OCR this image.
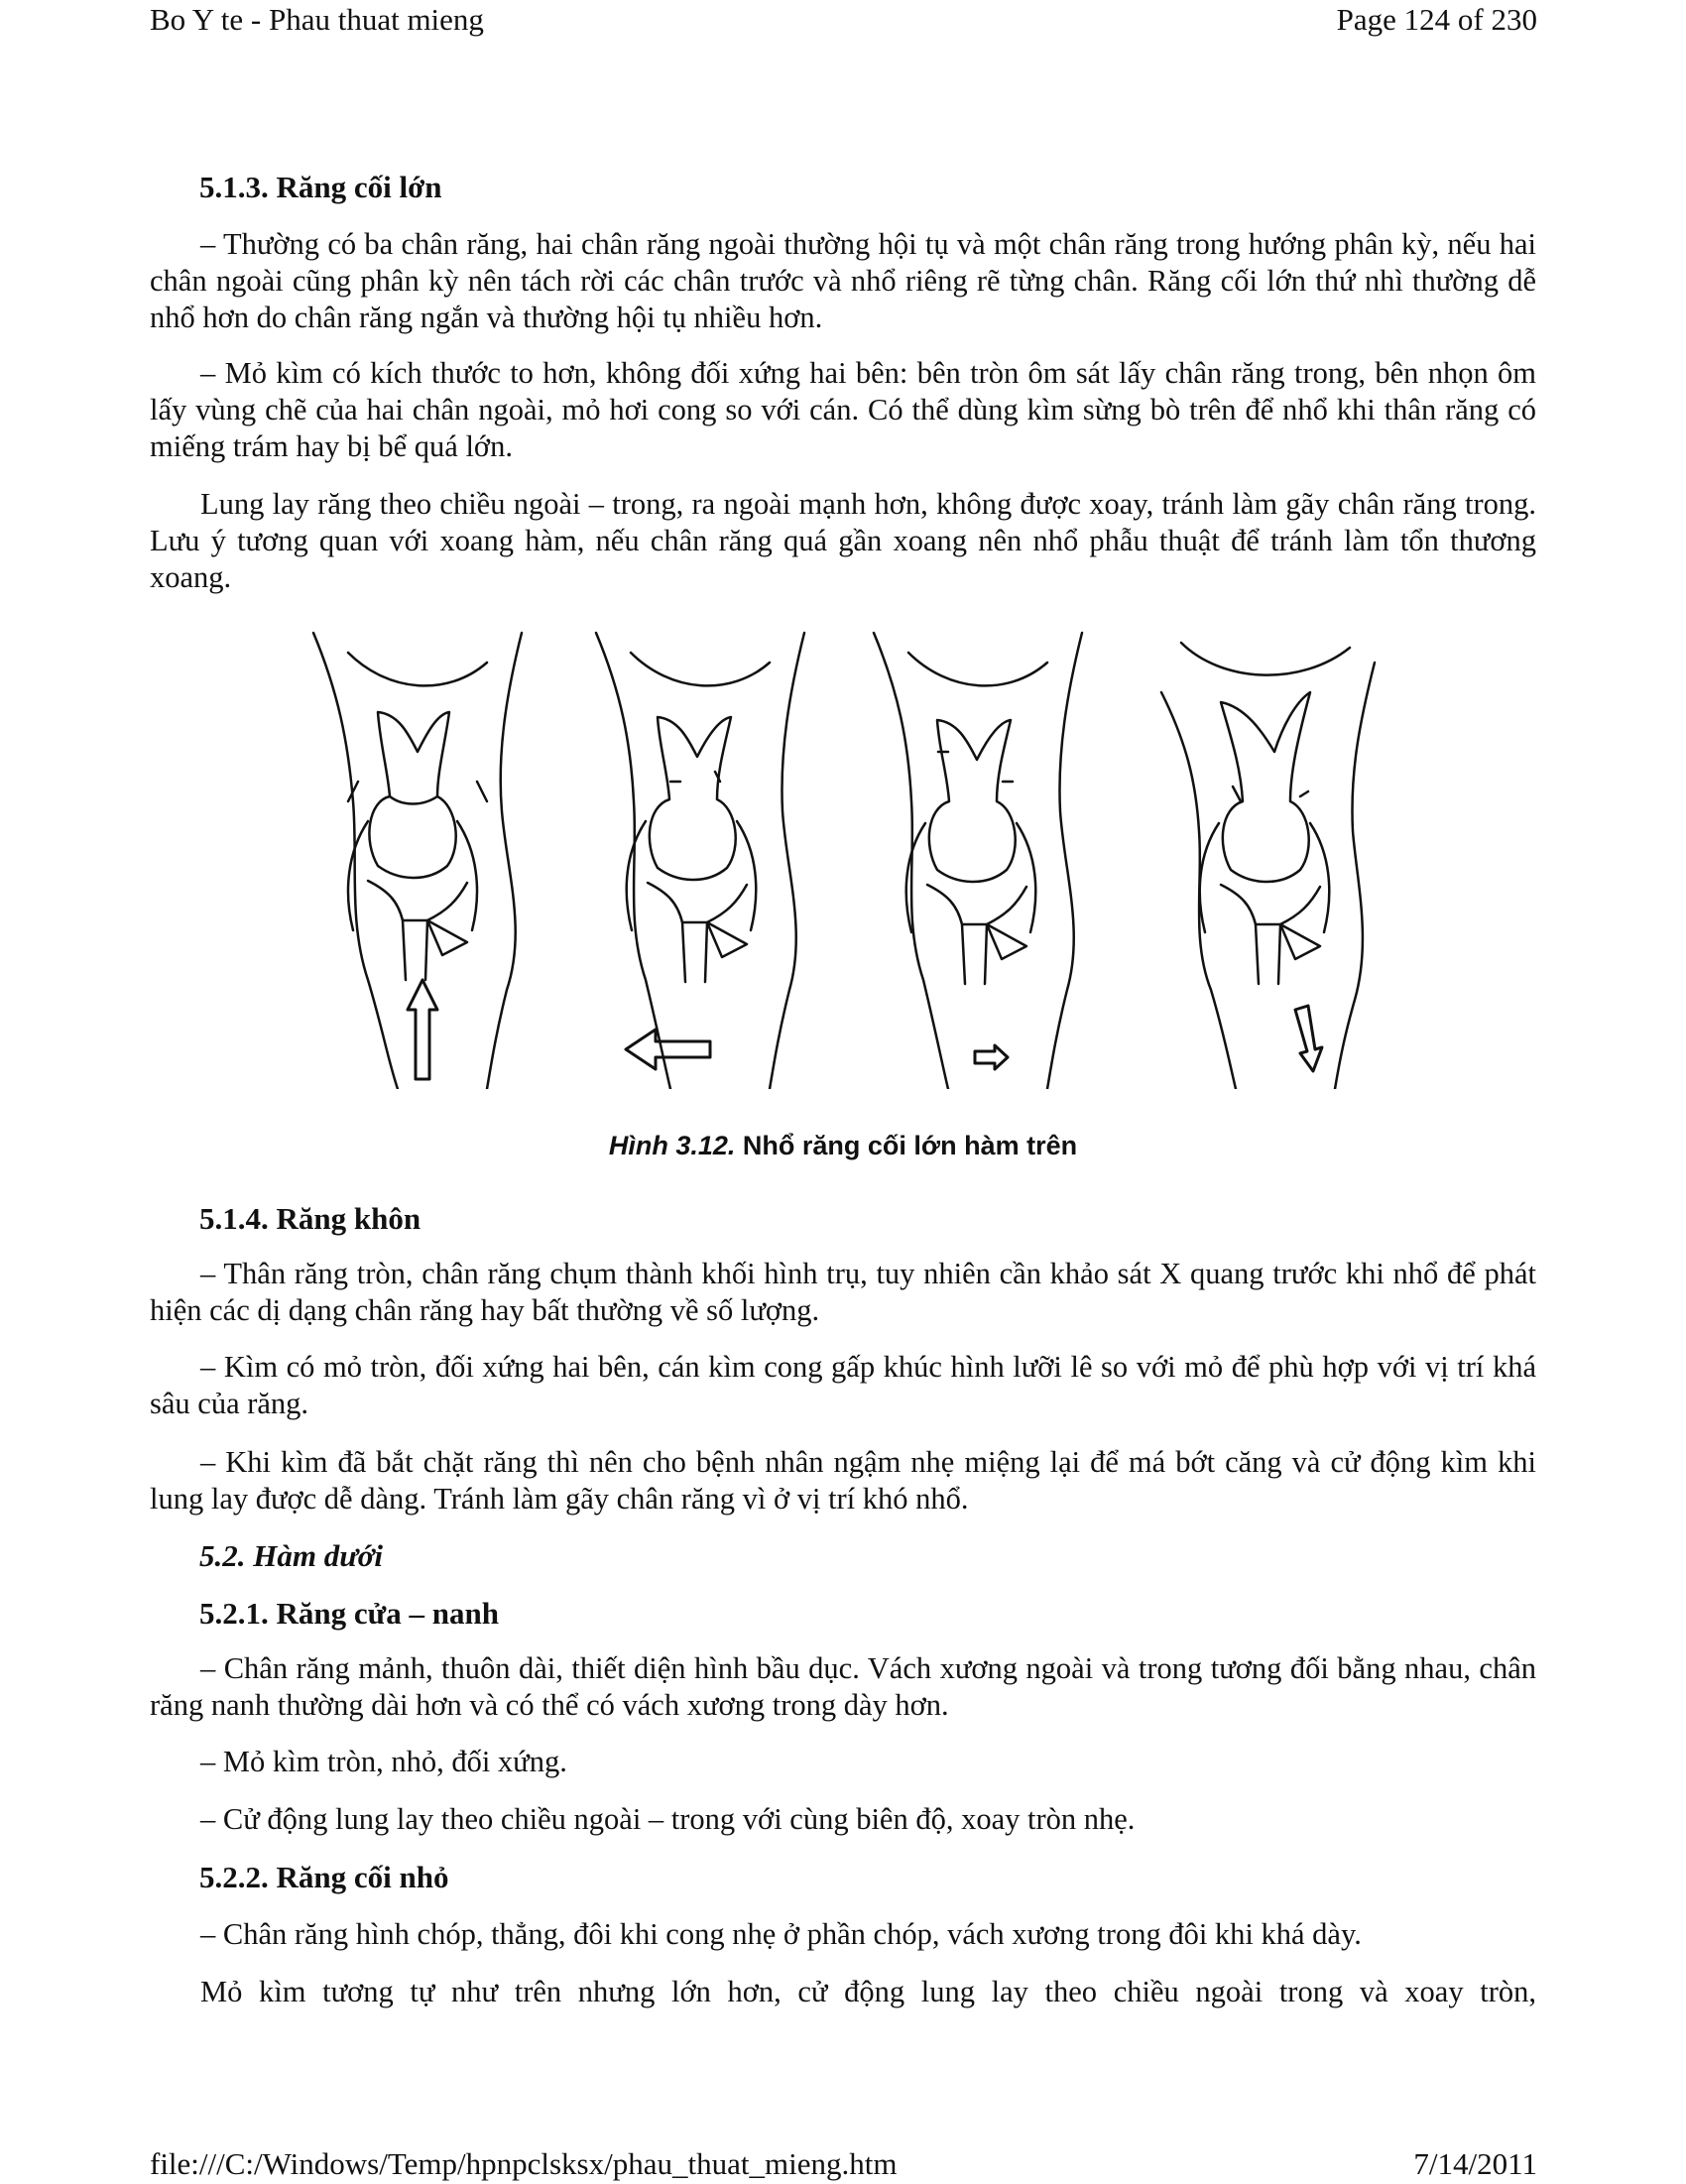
Bo Y te - Phau thuat mieng	Page 124 of 230
5.1.3. Răng cối lớn

– Thường có ba chân răng, hai chân răng ngoài thường hội tụ và một chân răng trong hướng phân kỳ, nếu hai chân ngoài cũng phân kỳ nên tách rời các chân trước và nhổ riêng rẽ từng chân. Răng cối lớn thứ nhì thường dễ nhổ hơn do chân răng ngắn và thường hội tụ nhiều hơn.

– Mỏ kìm có kích thước to hơn, không đối xứng hai bên: bên tròn ôm sát lấy chân răng trong, bên nhọn ôm lấy vùng chẽ của hai chân ngoài, mỏ hơi cong so với cán. Có thể dùng kìm sừng bò trên để nhổ khi thân răng có miếng trám hay bị bể quá lớn.

Lung lay răng theo chiều ngoài – trong, ra ngoài mạnh hơn, không được xoay, tránh làm gãy chân răng trong. Lưu ý tương quan với xoang hàm, nếu chân răng quá gần xoang nên nhổ phẫu thuật để tránh làm tổn thương xoang.

Hình 3.12. Nhổ răng cối lớn hàm trên
5.1.4. Răng khôn

– Thân răng tròn, chân răng chụm thành khối hình trụ, tuy nhiên cần khảo sát X quang trước khi nhổ để phát hiện các dị dạng chân răng hay bất thường về số lượng.

– Kìm có mỏ tròn, đối xứng hai bên, cán kìm cong gấp khúc hình lưỡi lê so với mỏ để phù hợp với vị trí khá sâu của răng.

– Khi kìm đã bắt chặt răng thì nên cho bệnh nhân ngậm nhẹ miệng lại để má bớt căng và cử động kìm khi lung lay được dễ dàng. Tránh làm gãy chân răng vì ở vị trí khó nhổ.

5.2. Hàm dưới
5.2.1. Răng cửa – nanh

– Chân răng mảnh, thuôn dài, thiết diện hình bầu dục. Vách xương ngoài và trong tương đối bằng nhau, chân răng nanh thường dài hơn và có thể có vách xương trong dày hơn.

– Mỏ kìm tròn, nhỏ, đối xứng.

– Cử động lung lay theo chiều ngoài – trong với cùng biên độ, xoay tròn nhẹ.

5.2.2. Răng cối nhỏ

– Chân răng hình chóp, thẳng, đôi khi cong nhẹ ở phần chóp, vách xương trong đôi khi khá dày.

Mỏ kìm tương tự như trên nhưng lớn hơn, cử động lung lay theo chiều ngoài trong và xoay tròn,

file:///C:/Windows/Temp/hpnpclsksx/phau_thuat_mieng.htm	7/14/2011
